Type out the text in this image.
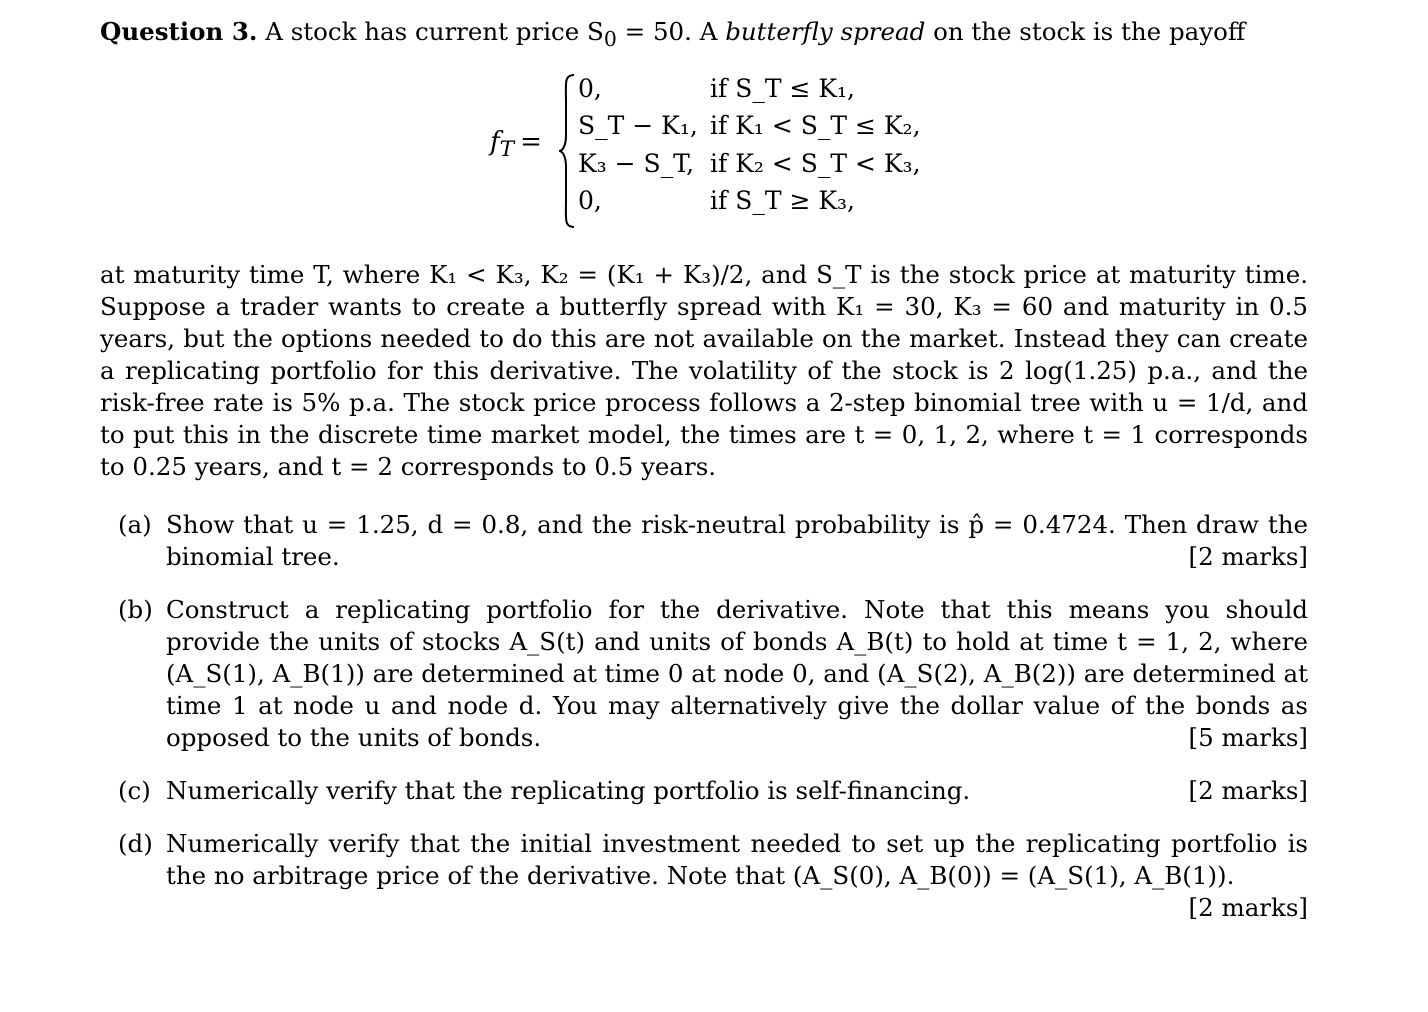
Question 3. A stock has current price $S_0 = 50$. A butterfly spread on the stock is the payoff

$f_T$ =
0,	if S_T ≤ K₁,
S_T − K₁, if K₁ < S_T ≤ K₂,
K₃ − S_T, if K₂ < S_T < K₃,
0,	if S_T ≥ K₃,

at maturity time T, where K₁ < K₃, K₂ = (K₁ + K₃)/2, and S_T is the stock price at maturity time. Suppose a trader wants to create a butterfly spread with K₁ = 30, K₃ = 60 and maturity in 0.5 years, but the options needed to do this are not available on the market. Instead they can create a replicating portfolio for this derivative. The volatility of the stock is 2 log(1.25) p.a., and the risk-free rate is 5% p.a. The stock price process follows a 2-step binomial tree with u = 1/d, and to put this in the discrete time market model, the times are t = 0, 1, 2, where t = 1 corresponds to 0.25 years, and t = 2 corresponds to 0.5 years.

(a) Show that u = 1.25, d = 0.8, and the risk-neutral probability is p̂ = 0.4724. Then draw the binomial tree.	[2 marks]
(b) Construct a replicating portfolio for the derivative. Note that this means you should provide the units of stocks A_S(t) and units of bonds A_B(t) to hold at time t = 1, 2, where (A_S(1), A_B(1)) are determined at time 0 at node 0, and (A_S(2), A_B(2)) are determined at time 1 at node u and node d. You may alternatively give the dollar value of the bonds as opposed to the units of bonds.	[5 marks]
(c) Numerically verify that the replicating portfolio is self-financing.	[2 marks]
(d) Numerically verify that the initial investment needed to set up the replicating portfolio is the no arbitrage price of the derivative. Note that (A_S(0), A_B(0)) = (A_S(1), A_B(1)).
[2 marks]
